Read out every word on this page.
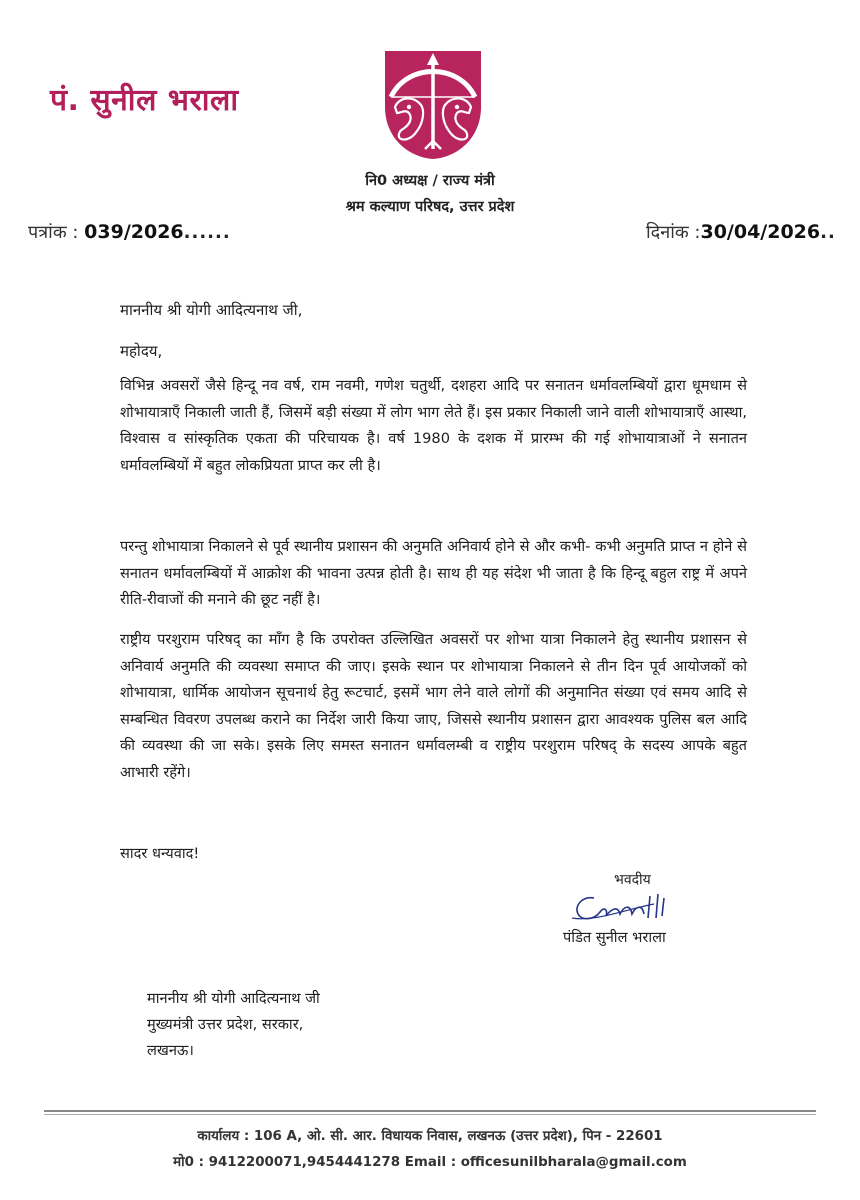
पं. सुनील भराला
नि0 अध्यक्ष / राज्य मंत्री
श्रम कल्याण परिषद, उत्तर प्रदेश
पत्रांक : 039/2026......	दिनांक :30/04/2026..
माननीय श्री योगी आदित्यनाथ जी,
महोदय,

विभिन्न अवसरों जैसे हिन्दू नव वर्ष, राम नवमी, गणेश चतुर्थी, दशहरा आदि पर सनातन धर्मावलम्बियों द्वारा धूमधाम से शोभायात्राएँ निकाली जाती हैं, जिसमें बड़ी संख्या में लोग भाग लेते हैं। इस प्रकार निकाली जाने वाली शोभायात्राएँ आस्था, विश्वास व सांस्कृतिक एकता की परिचायक है। वर्ष 1980 के दशक में प्रारम्भ की गई शोभायात्राओं ने सनातन धर्मावलम्बियों में बहुत लोकप्रियता प्राप्त कर ली है।

परन्तु शोभायात्रा निकालने से पूर्व स्थानीय प्रशासन की अनुमति अनिवार्य होने से और कभी- कभी अनुमति प्राप्त न होने से सनातन धर्मावलम्बियों में आक्रोश की भावना उत्पन्न होती है। साथ ही यह संदेश भी जाता है कि हिन्दू बहुल राष्ट्र में अपने रीति-रीवाजों की मनाने की छूट नहीं है।

राष्ट्रीय परशुराम परिषद् का माँग है कि उपरोक्त उल्लिखित अवसरों पर शोभा यात्रा निकालने हेतु स्थानीय प्रशासन से अनिवार्य अनुमति की व्यवस्था समाप्त की जाए। इसके स्थान पर शोभायात्रा निकालने से तीन दिन पूर्व आयोजकों को शोभायात्रा, धार्मिक आयोजन सूचनार्थ हेतु रूटचार्ट, इसमें भाग लेने वाले लोगों की अनुमानित संख्या एवं समय आदि से सम्बन्धित विवरण उपलब्ध कराने का निर्देश जारी किया जाए, जिससे स्थानीय प्रशासन द्वारा आवश्यक पुलिस बल आदि की व्यवस्था की जा सके। इसके लिए समस्त सनातन धर्मावलम्बी व राष्ट्रीय परशुराम परिषद् के सदस्य आपके बहुत आभारी रहेंगे।

सादर धन्यवाद!
भवदीय
पंडित सुनील भराला
माननीय श्री योगी आदित्यनाथ जी
मुख्यमंत्री उत्तर प्रदेश, सरकार,
लखनऊ।
कार्यालय : 106 A, ओ. सी. आर. विधायक निवास, लखनऊ (उत्तर प्रदेश), पिन - 22601
मो0 : 9412200071,9454441278 Email : officesunilbharala@gmail.com
